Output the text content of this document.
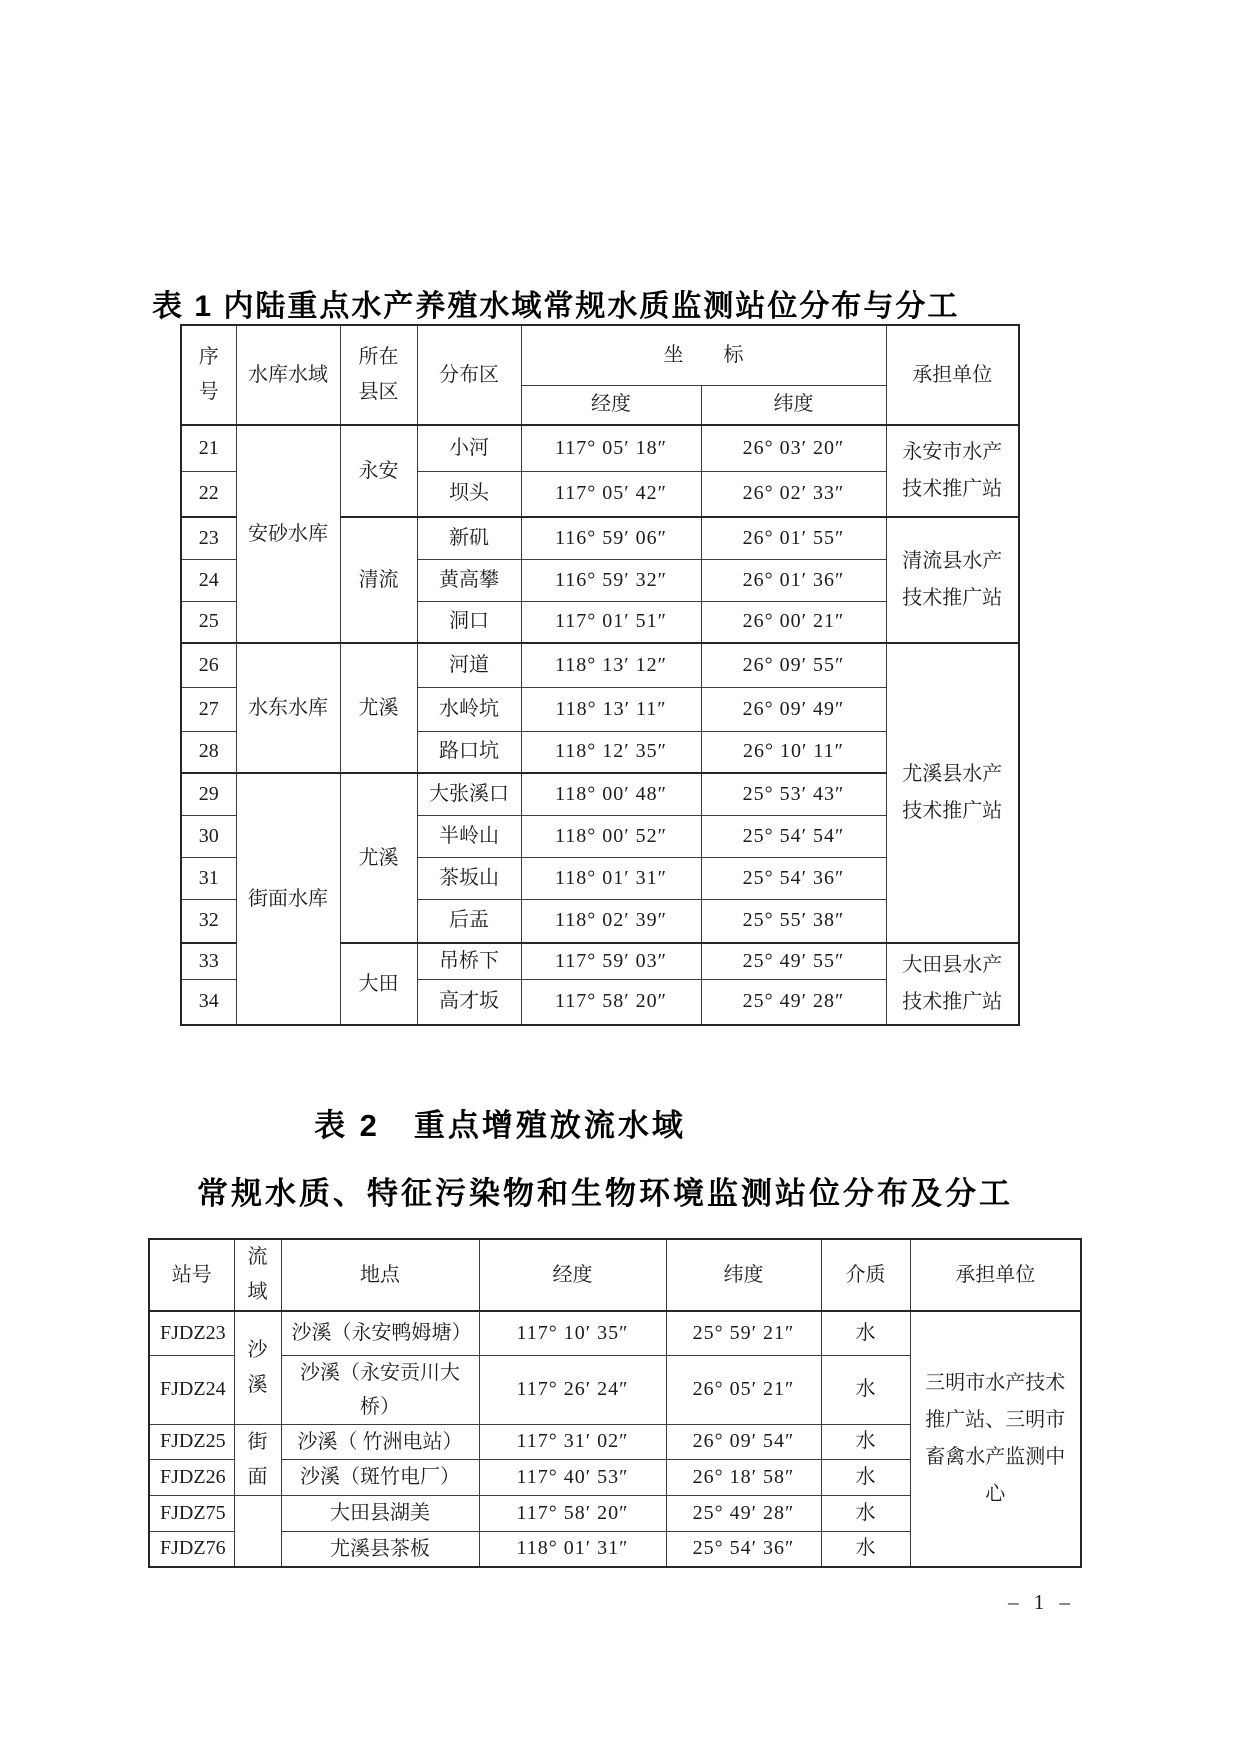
表 1 内陆重点水产养殖水域常规水质监测站位分布与分工
序号	水库水域	所在县区	分布区	坐　　标		承担单位
				经度	纬度	
21	安砂水库	永安	小河	117° 05′ 18″	26° 03′ 20″	永安市水产技术推广站
22			坝头	117° 05′ 42″	26° 02′ 33″	
23		清流	新矶	116° 59′ 06″	26° 01′ 55″	清流县水产技术推广站
24			黄高攀	116° 59′ 32″	26° 01′ 36″	
25			洞口	117° 01′ 51″	26° 00′ 21″	
26	水东水库	尤溪	河道	118° 13′ 12″	26° 09′ 55″	尤溪县水产技术推广站
27			水岭坑	118° 13′ 11″	26° 09′ 49″	
28			路口坑	118° 12′ 35″	26° 10′ 11″	
29	街面水库	尤溪	大张溪口	118° 00′ 48″	25° 53′ 43″	
30			半岭山	118° 00′ 52″	25° 54′ 54″	
31			茶坂山	118° 01′ 31″	25° 54′ 36″	
32			后盂	118° 02′ 39″	25° 55′ 38″	
33		大田	吊桥下	117° 59′ 03″	25° 49′ 55″	大田县水产技术推广站
34			高才坂	117° 58′ 20″	25° 49′ 28″	
表 2　重点增殖放流水域
常规水质、特征污染物和生物环境监测站位分布及分工
站号	流域	地点	经度	纬度	介质	承担单位
FJDZ23	沙溪	沙溪（永安鸭姆塘）	117° 10′ 35″	25° 59′ 21″	水	三明市水产技术推广站、三明市畜禽水产监测中心
FJDZ24		沙溪（永安贡川大桥）	117° 26′ 24″	26° 05′ 21″	水	
FJDZ25	街面	沙溪（ 竹洲电站）	117° 31′ 02″	26° 09′ 54″	水	
FJDZ26		沙溪（斑竹电厂）	117° 40′ 53″	26° 18′ 58″	水	
FJDZ75		大田县湖美	117° 58′ 20″	25° 49′ 28″	水	
FJDZ76		尤溪县茶板	118° 01′ 31″	25° 54′ 36″	水	
– 1 –
